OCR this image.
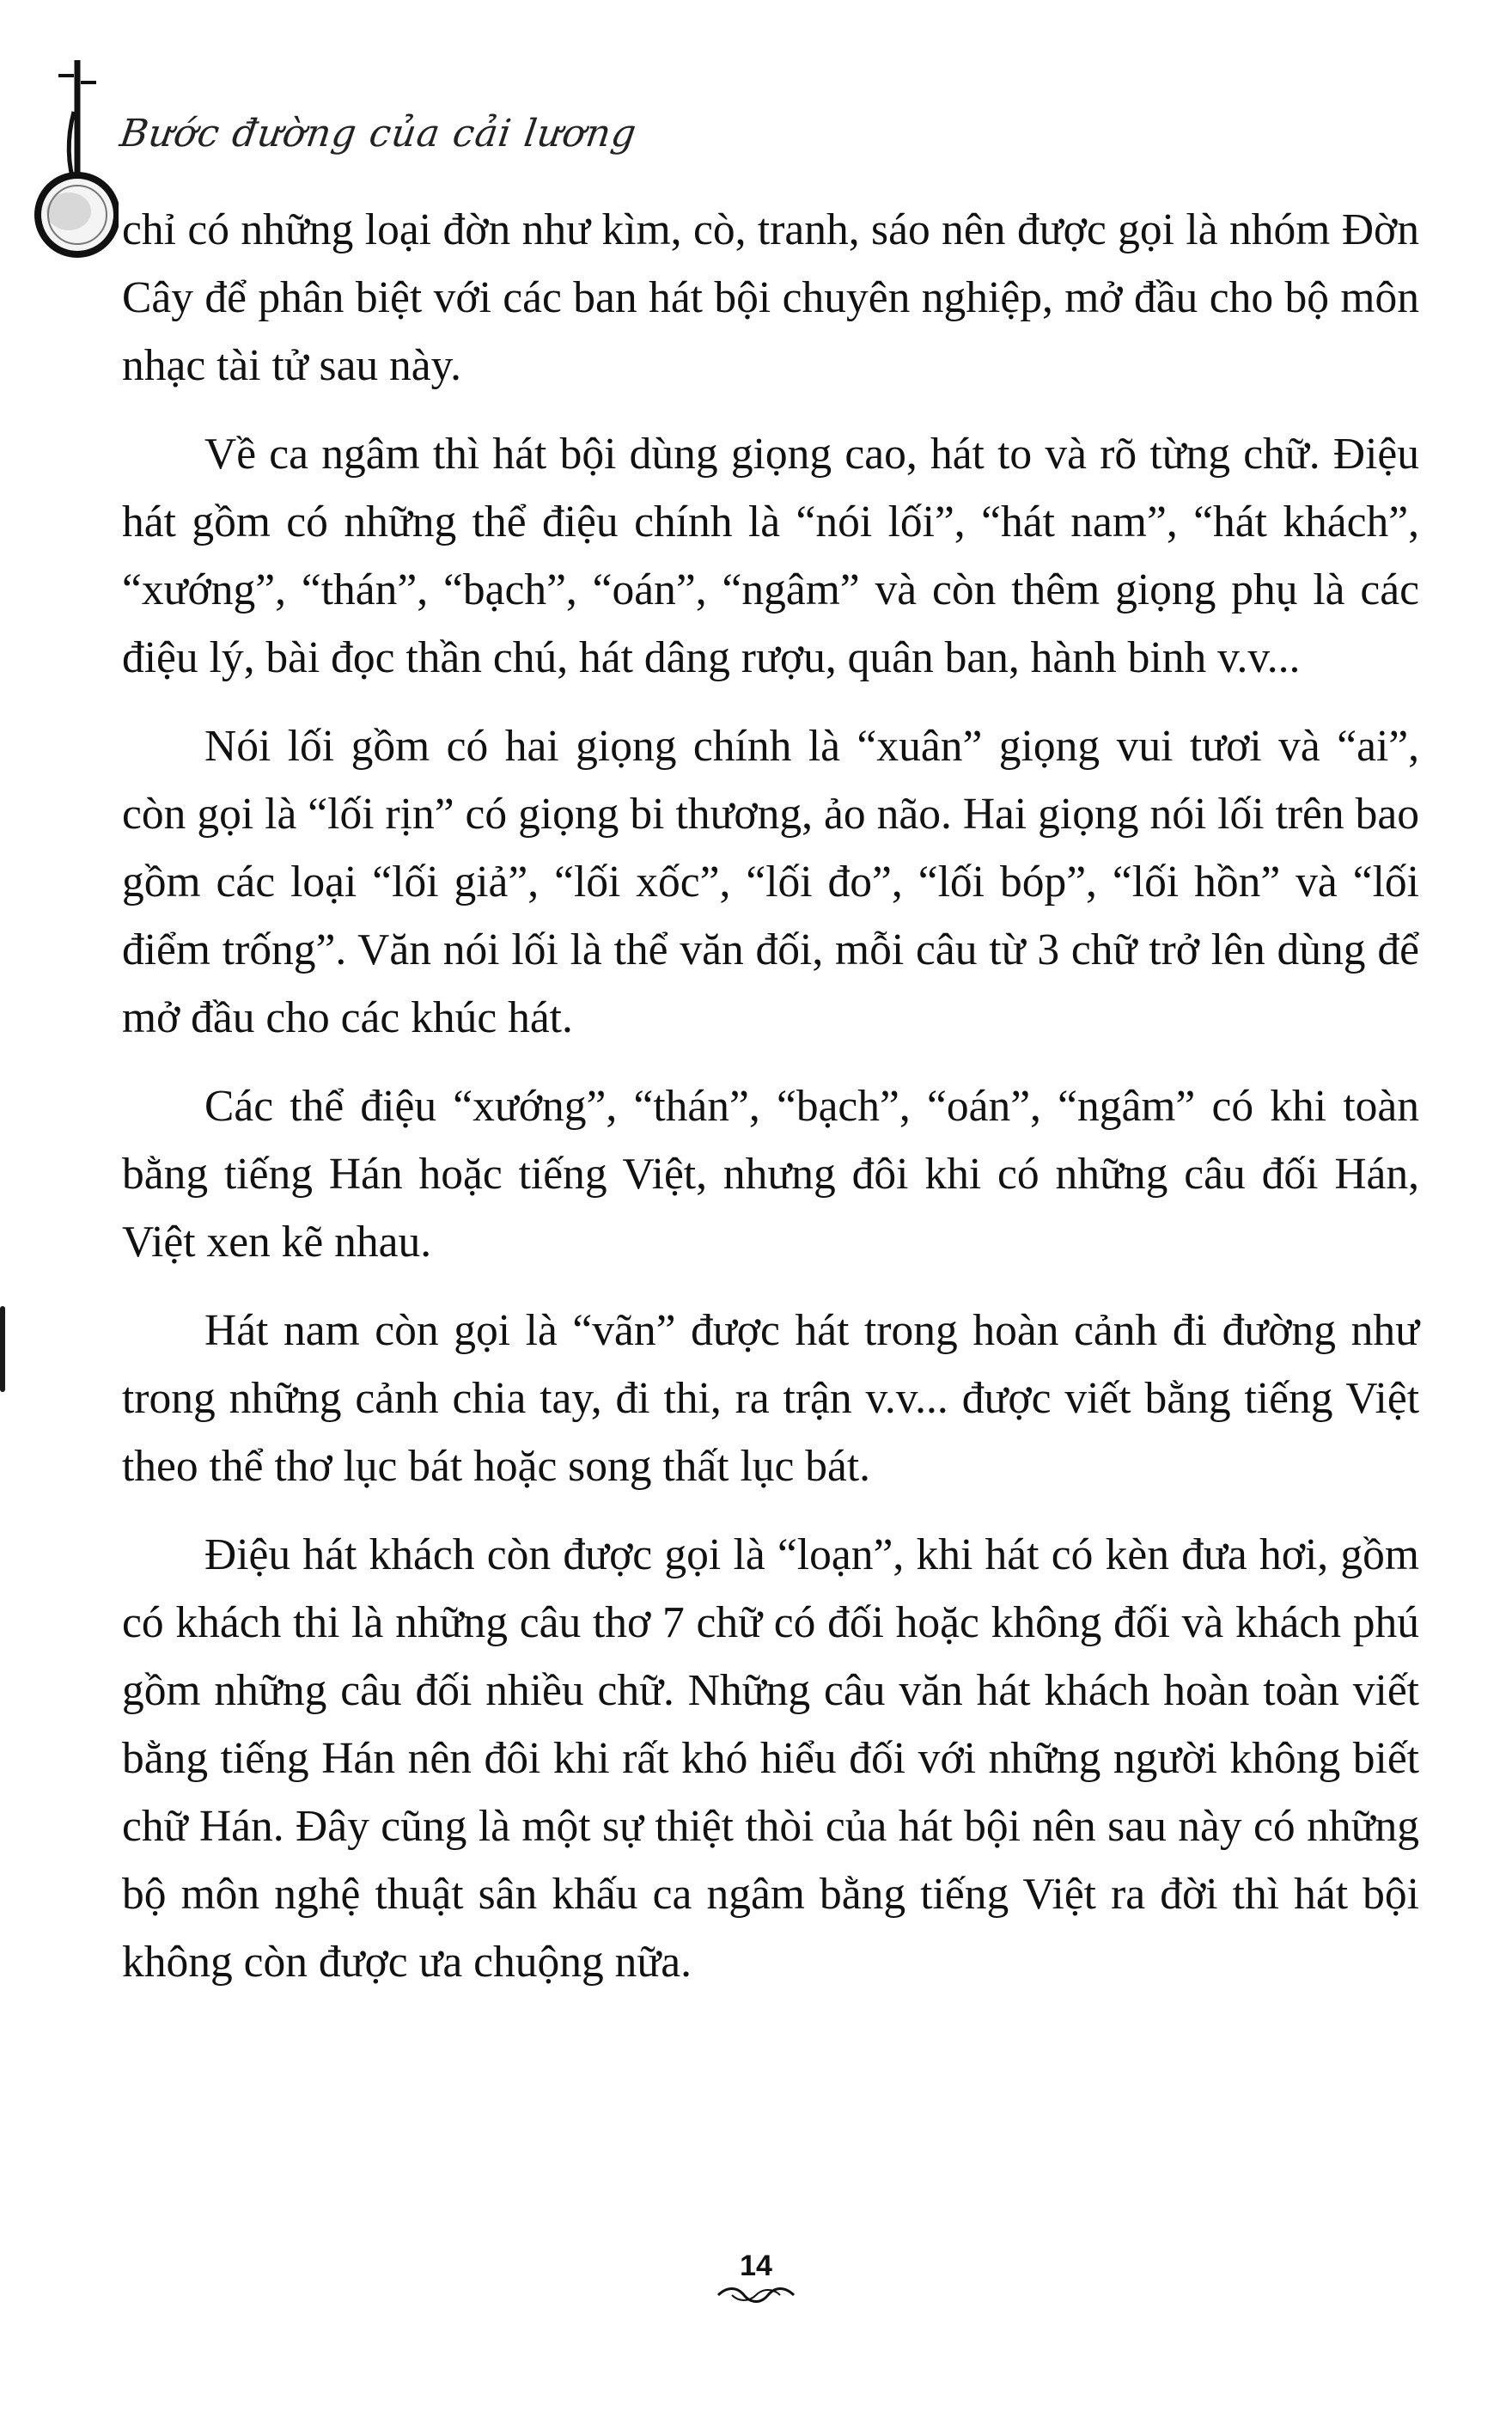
Bước đường của cải lương

chỉ có những loại đờn như kìm, cò, tranh, sáo nên được gọi là nhóm Đờn Cây để phân biệt với các ban hát bội chuyên nghiệp, mở đầu cho bộ môn nhạc tài tử sau này.

Về ca ngâm thì hát bội dùng giọng cao, hát to và rõ từng chữ. Điệu hát gồm có những thể điệu chính là “nói lối”, “hát nam”, “hát khách”, “xướng”, “thán”, “bạch”, “oán”, “ngâm” và còn thêm giọng phụ là các điệu lý, bài đọc thần chú, hát dâng rượu, quân ban, hành binh v.v...

Nói lối gồm có hai giọng chính là “xuân” giọng vui tươi và “ai”, còn gọi là “lối rịn” có giọng bi thương, ảo não. Hai giọng nói lối trên bao gồm các loại “lối giả”, “lối xốc”, “lối đo”, “lối bóp”, “lối hồn” và “lối điểm trống”. Văn nói lối là thể văn đối, mỗi câu từ 3 chữ trở lên dùng để mở đầu cho các khúc hát.

Các thể điệu “xướng”, “thán”, “bạch”, “oán”, “ngâm” có khi toàn bằng tiếng Hán hoặc tiếng Việt, nhưng đôi khi có những câu đối Hán, Việt xen kẽ nhau.

Hát nam còn gọi là “vãn” được hát trong hoàn cảnh đi đường như trong những cảnh chia tay, đi thi, ra trận v.v... được viết bằng tiếng Việt theo thể thơ lục bát hoặc song thất lục bát.

Điệu hát khách còn được gọi là “loạn”, khi hát có kèn đưa hơi, gồm có khách thi là những câu thơ 7 chữ có đối hoặc không đối và khách phú gồm những câu đối nhiều chữ. Những câu văn hát khách hoàn toàn viết bằng tiếng Hán nên đôi khi rất khó hiểu đối với những người không biết chữ Hán. Đây cũng là một sự thiệt thòi của hát bội nên sau này có những bộ môn nghệ thuật sân khấu ca ngâm bằng tiếng Việt ra đời thì hát bội không còn được ưa chuộng nữa.

14
